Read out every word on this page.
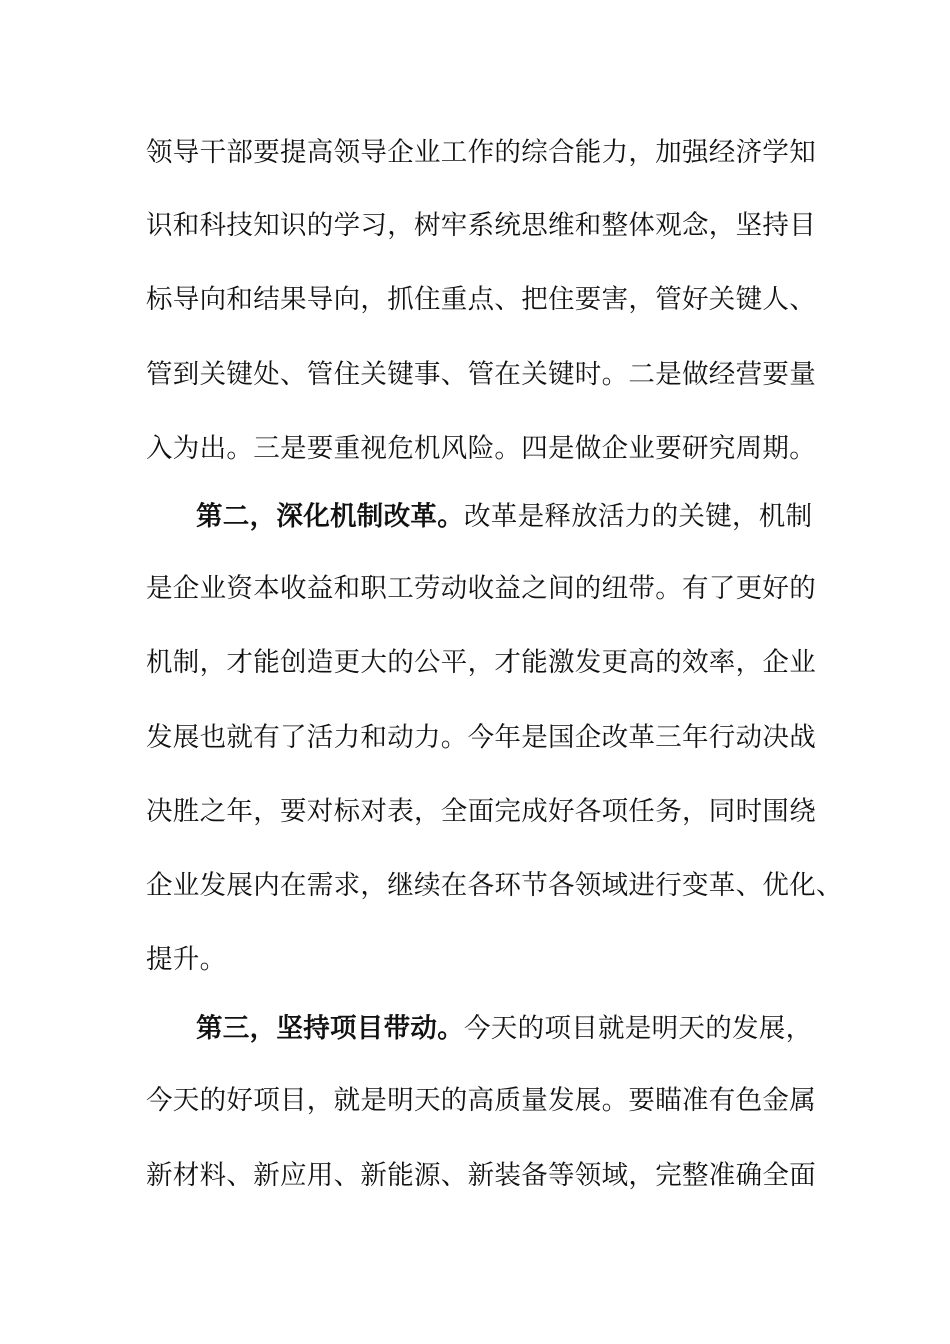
领导干部要提高领导企业工作的综合能力，加强经济学知
识和科技知识的学习，树牢系统思维和整体观念，坚持目
标导向和结果导向，抓住重点、把住要害，管好关键人、
管到关键处、管住关键事、管在关键时。二是做经营要量
入为出。三是要重视危机风险。四是做企业要研究周期。
第二，深化机制改革。改革是释放活力的关键，机制
是企业资本收益和职工劳动收益之间的纽带。有了更好的
机制，才能创造更大的公平，才能激发更高的效率，企业
发展也就有了活力和动力。今年是国企改革三年行动决战
决胜之年，要对标对表，全面完成好各项任务，同时围绕
企业发展内在需求，继续在各环节各领域进行变革、优化、
提升。
第三，坚持项目带动。今天的项目就是明天的发展，
今天的好项目，就是明天的高质量发展。要瞄准有色金属
新材料、新应用、新能源、新装备等领域，完整准确全面
